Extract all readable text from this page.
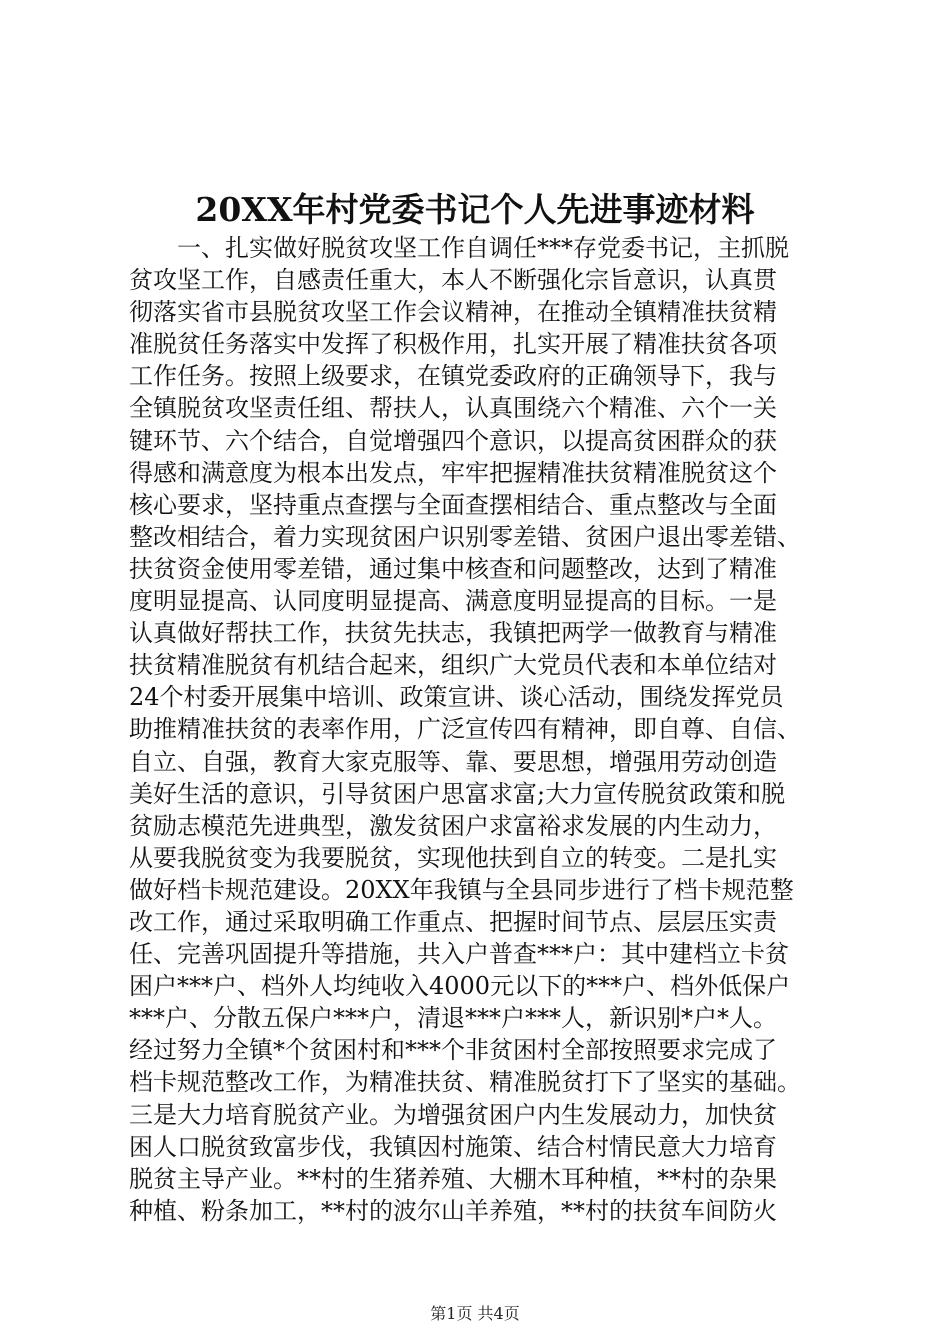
20XX年村党委书记个人先进事迹材料
一、扎实做好脱贫攻坚工作自调任***存党委书记，主抓脱
贫攻坚工作，自感责任重大，本人不断强化宗旨意识，认真贯
彻落实省市县脱贫攻坚工作会议精神，在推动全镇精准扶贫精
准脱贫任务落实中发挥了积极作用，扎实开展了精准扶贫各项
工作任务。按照上级要求，在镇党委政府的正确领导下，我与
全镇脱贫攻坚责任组、帮扶人，认真围绕六个精准、六个一关
键环节、六个结合，自觉增强四个意识，以提高贫困群众的获
得感和满意度为根本出发点，牢牢把握精准扶贫精准脱贫这个
核心要求，坚持重点查摆与全面查摆相结合、重点整改与全面
整改相结合，着力实现贫困户识别零差错、贫困户退出零差错、
扶贫资金使用零差错，通过集中核查和问题整改，达到了精准
度明显提高、认同度明显提高、满意度明显提高的目标。一是
认真做好帮扶工作，扶贫先扶志，我镇把两学一做教育与精准
扶贫精准脱贫有机结合起来，组织广大党员代表和本单位结对
24个村委开展集中培训、政策宣讲、谈心活动，围绕发挥党员
助推精准扶贫的表率作用，广泛宣传四有精神，即自尊、自信、
自立、自强，教育大家克服等、靠、要思想，增强用劳动创造
美好生活的意识，引导贫困户思富求富;大力宣传脱贫政策和脱
贫励志模范先进典型，激发贫困户求富裕求发展的内生动力，
从要我脱贫变为我要脱贫，实现他扶到自立的转变。二是扎实
做好档卡规范建设。20XX年我镇与全县同步进行了档卡规范整
改工作，通过采取明确工作重点、把握时间节点、层层压实责
任、完善巩固提升等措施，共入户普查***户：其中建档立卡贫
困户***户、档外人均纯收入4000元以下的***户、档外低保户
***户、分散五保户***户，清退***户***人，新识别*户*人。
经过努力全镇*个贫困村和***个非贫困村全部按照要求完成了
档卡规范整改工作，为精准扶贫、精准脱贫打下了坚实的基础。
三是大力培育脱贫产业。为增强贫困户内生发展动力，加快贫
困人口脱贫致富步伐，我镇因村施策、结合村情民意大力培育
脱贫主导产业。**村的生猪养殖、大棚木耳种植，**村的杂果
种植、粉条加工，**村的波尔山羊养殖，**村的扶贫车间防火
第1页 共4页
